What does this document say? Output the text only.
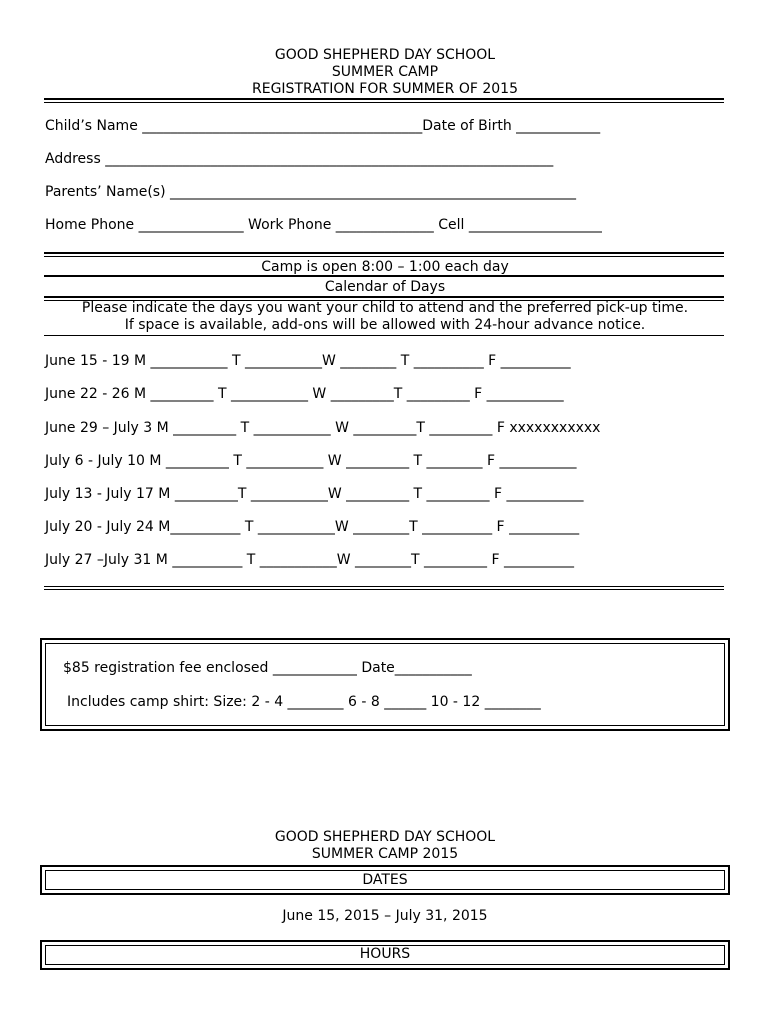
GOOD SHEPHERD DAY SCHOOL
SUMMER CAMP
REGISTRATION FOR SUMMER OF 2015
Child’s Name ________________________________________Date of Birth ____________
Address ________________________________________________________________
Parents’ Name(s) __________________________________________________________
Home Phone _______________ Work Phone ______________ Cell ___________________
Camp is open 8:00 – 1:00 each day
Calendar of Days
Please indicate the days you want your child to attend and the preferred pick-up time.
If space is available, add-ons will be allowed with 24-hour advance notice.
June 15 - 19 M ___________ T ___________W ________ T __________ F __________
June 22 - 26 M _________ T ___________ W _________T _________ F ___________
June 29 – July 3 M _________ T ___________ W _________T _________ F xxxxxxxxxxx
July 6 - July 10 M _________ T ___________ W _________ T ________ F ___________
July 13 - July 17 M _________T ___________W _________ T _________ F ___________
July 20 - July 24 M__________ T ___________W ________T __________ F __________
July 27 –July 31 M __________ T ___________W ________T _________ F __________
$85 registration fee enclosed ____________ Date___________
Includes camp shirt: Size: 2 - 4 ________ 6 - 8 ______ 10 - 12 ________
GOOD SHEPHERD DAY SCHOOL
SUMMER CAMP 2015
DATES
June 15, 2015 – July 31, 2015
HOURS
